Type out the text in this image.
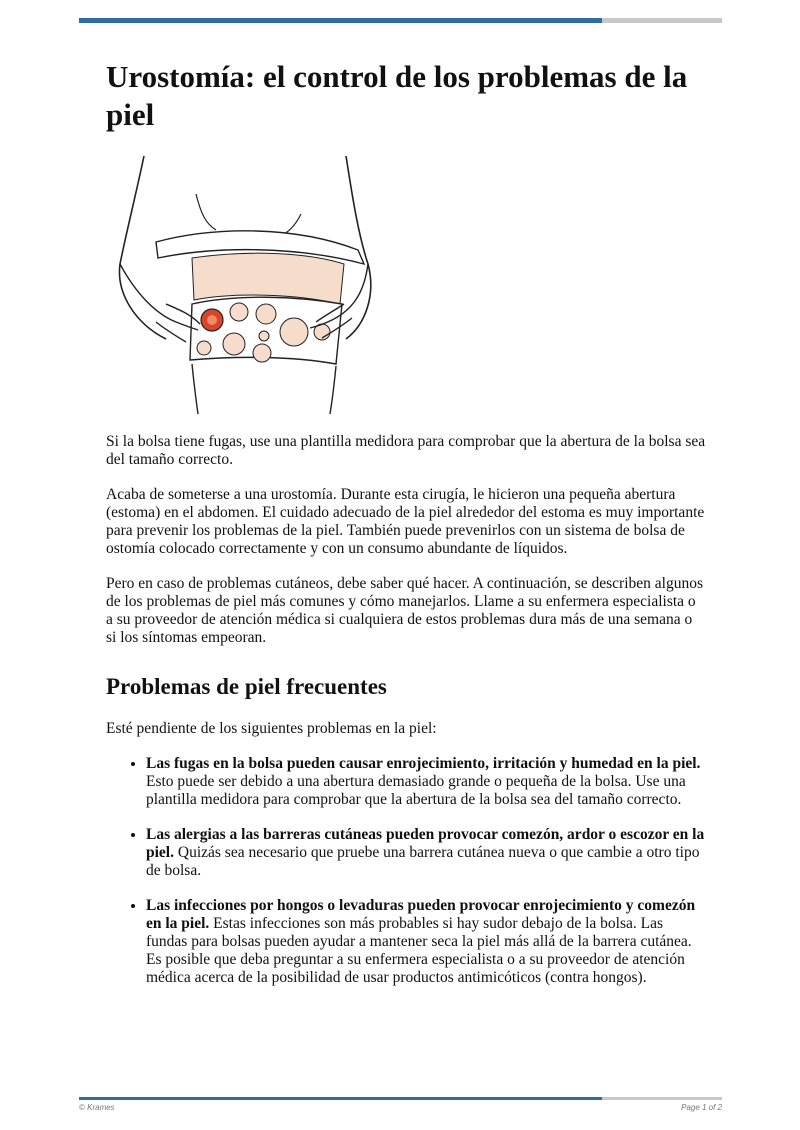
Urostomía: el control de los problemas de la piel

Si la bolsa tiene fugas, use una plantilla medidora para comprobar que la abertura de la bolsa sea del tamaño correcto.

Acaba de someterse a una urostomía. Durante esta cirugía, le hicieron una pequeña abertura (estoma) en el abdomen. El cuidado adecuado de la piel alrededor del estoma es muy importante para prevenir los problemas de la piel. También puede prevenirlos con un sistema de bolsa de ostomía colocado correctamente y con un consumo abundante de líquidos.

Pero en caso de problemas cutáneos, debe saber qué hacer. A continuación, se describen algunos de los problemas de piel más comunes y cómo manejarlos. Llame a su enfermera especialista o a su proveedor de atención médica si cualquiera de estos problemas dura más de una semana o si los síntomas empeoran.

Problemas de piel frecuentes

Esté pendiente de los siguientes problemas en la piel:

• Las fugas en la bolsa pueden causar enrojecimiento, irritación y humedad en la piel. Esto puede ser debido a una abertura demasiado grande o pequeña de la bolsa. Use una plantilla medidora para comprobar que la abertura de la bolsa sea del tamaño correcto.
• Las alergias a las barreras cutáneas pueden provocar comezón, ardor o escozor en la piel. Quizás sea necesario que pruebe una barrera cutánea nueva o que cambie a otro tipo de bolsa.
• Las infecciones por hongos o levaduras pueden provocar enrojecimiento y comezón en la piel. Estas infecciones son más probables si hay sudor debajo de la bolsa. Las fundas para bolsas pueden ayudar a mantener seca la piel más allá de la barrera cutánea. Es posible que deba preguntar a su enfermera especialista o a su proveedor de atención médica acerca de la posibilidad de usar productos antimicóticos (contra hongos).
© Krames	Page 1 of 2
